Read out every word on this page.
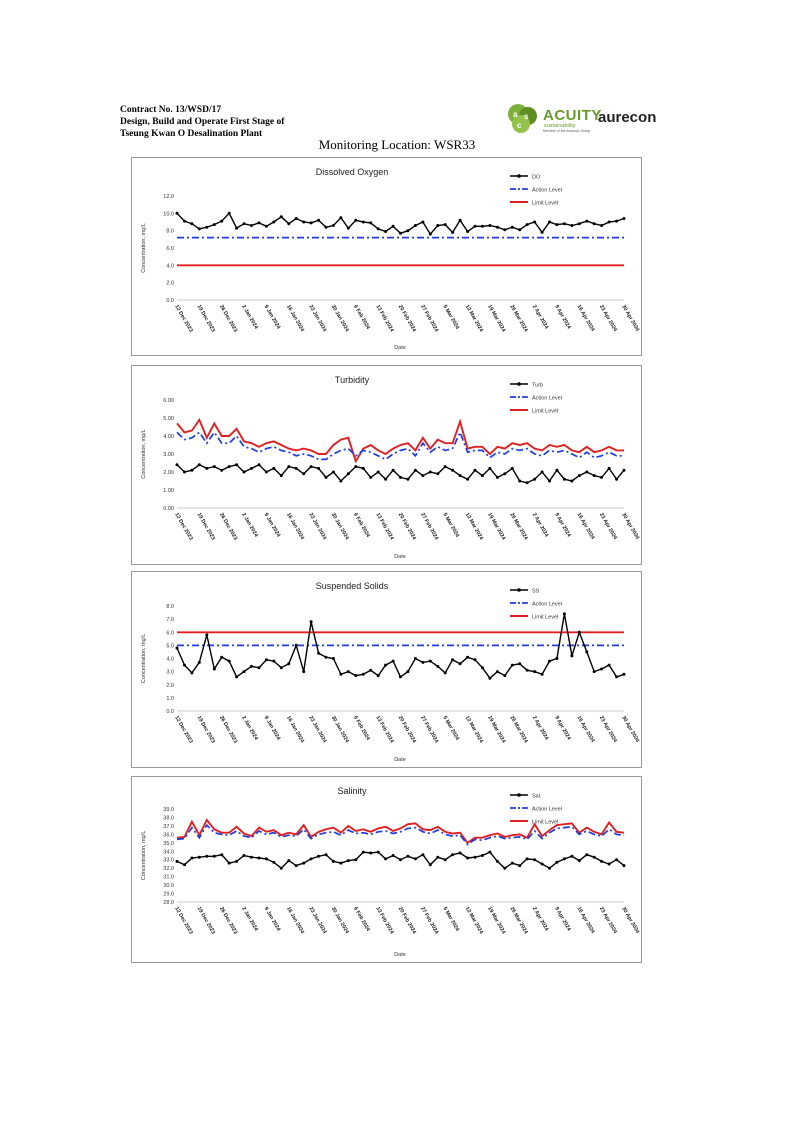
Contract No. 13/WSD/17
Design, Build and Operate First Stage of
Tseung Kwan O Desalination Plant
a s
c
ACUITY
sustainability
Member of the Aurecon Group
aurecon
Monitoring Location: WSR33
Dissolved Oxygen
DO
Action Level
Limit Level
0.0
2.0
4.0
6.0
8.0
10.0
12.0
Concentration, mg/L
12 Dec 2023 19 Dec 2023 26 Dec 2023 2 Jan 2024 9 Jan 2024 16 Jan 2024 23 Jan 2024 30 Jan 2024 6 Feb 2024 13 Feb 2024 20 Feb 2024 27 Feb 2024 5 Mar 2024 12 Mar 2024 19 Mar 2024 26 Mar 2024 2 Apr 2024 9 Apr 2024 16 Apr 2024 23 Apr 2024 30 Apr 2024
Date
Turbidity
Turb
Action Level
Limit Level
0.00
1.00
2.00
3.00
4.00
5.00
6.00
Concentration, mg/L
12 Dec 2023 19 Dec 2023 26 Dec 2023 2 Jan 2024 9 Jan 2024 16 Jan 2024 23 Jan 2024 30 Jan 2024 6 Feb 2024 13 Feb 2024 20 Feb 2024 27 Feb 2024 5 Mar 2024 12 Mar 2024 19 Mar 2024 26 Mar 2024 2 Apr 2024 9 Apr 2024 16 Apr 2024 23 Apr 2024 30 Apr 2024
Date
Suspended Solids
SS
Action Level
Limit Level
0.0
1.0
2.0
3.0
4.0
5.0
6.0
7.0
8.0
Concentration, mg/L
12 Dec 2023 19 Dec 2023 26 Dec 2023 2 Jan 2024 9 Jan 2024 16 Jan 2024 23 Jan 2024 30 Jan 2024 6 Feb 2024 13 Feb 2024 20 Feb 2024 27 Feb 2024 5 Mar 2024 12 Mar 2024 19 Mar 2024 26 Mar 2024 2 Apr 2024 9 Apr 2024 16 Apr 2024 23 Apr 2024 30 Apr 2024
Date
Salinity
Sal.
Action Level
Limit Level
28.0
29.0
30.0
31.0
32.0
33.0
34.0
35.0
36.0
37.0
38.0
39.0
Concentration, mg/L
12 Dec 2023 19 Dec 2023 26 Dec 2023 2 Jan 2024 9 Jan 2024 16 Jan 2024 23 Jan 2024 30 Jan 2024 6 Feb 2024 13 Feb 2024 20 Feb 2024 27 Feb 2024 5 Mar 2024 12 Mar 2024 19 Mar 2024 26 Mar 2024 2 Apr 2024 9 Apr 2024 16 Apr 2024 23 Apr 2024 30 Apr 2024
Date
